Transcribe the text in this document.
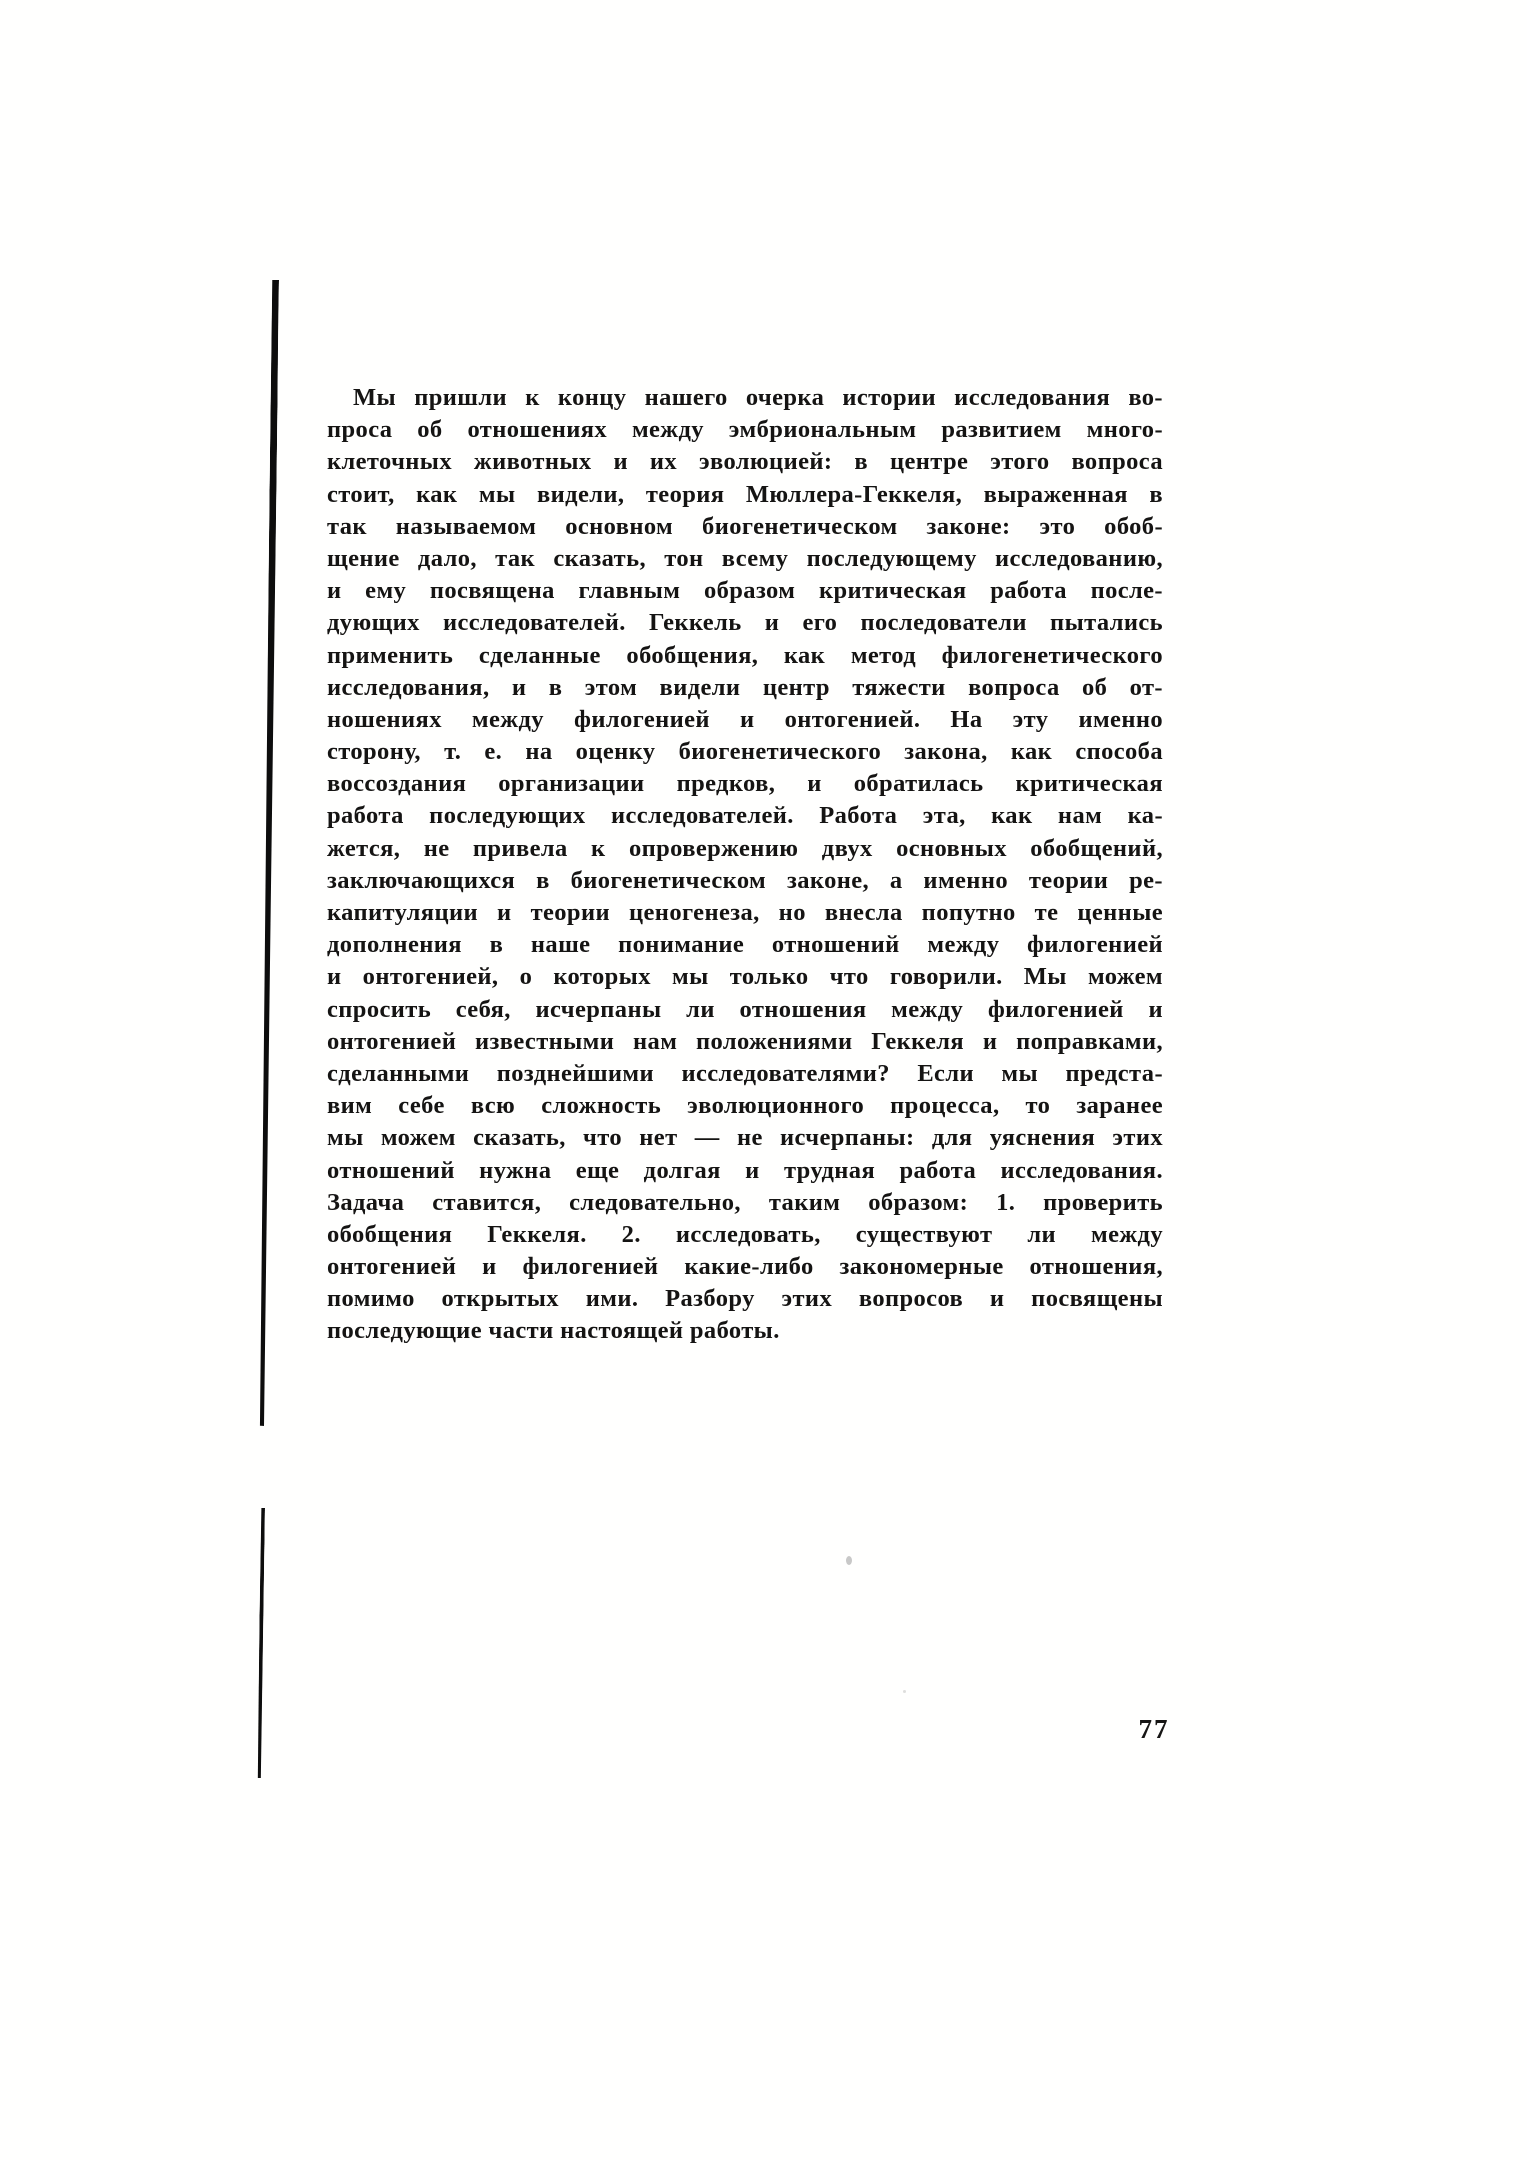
Мы пришли к концу нашего очерка истории исследования во-
проса об отношениях между эмбриональным развитием много-
клеточных животных и их эволюцией: в центре этого вопроса
стоит, как мы видели, теория Мюллера-Геккеля, выраженная в
так называемом основном биогенетическом законе: это обоб-
щение дало, так сказать, тон всему последующему исследованию,
и ему посвящена главным образом критическая работа после-
дующих исследователей. Геккель и его последователи пытались
применить сделанные обобщения, как метод филогенетического
исследования, и в этом видели центр тяжести вопроса об от-
ношениях между филогенией и онтогенией. На эту именно
сторону, т. е. на оценку биогенетического закона, как способа
воссоздания организации предков, и обратилась критическая
работа последующих исследователей. Работа эта, как нам ка-
жется, не привела к опровержению двух основных обобщений,
заключающихся в биогенетическом законе, а именно теории ре-
капитуляции и теории ценогенеза, но внесла попутно те ценные
дополнения в наше понимание отношений между филогенией
и онтогенией, о которых мы только что говорили. Мы можем
спросить себя, исчерпаны ли отношения между филогенией и
онтогенией известными нам положениями Геккеля и поправками,
сделанными позднейшими исследователями? Если мы предста-
вим себе всю сложность эволюционного процесса, то заранее
мы можем сказать, что нет — не исчерпаны: для уяснения этих
отношений нужна еще долгая и трудная работа исследования.
Задача ставится, следовательно, таким образом: 1. проверить
обобщения Геккеля. 2. исследовать, существуют ли между
онтогенией и филогенией какие-либо закономерные отношения,
помимо открытых ими. Разбору этих вопросов и посвящены
последующие части настоящей работы.
77
